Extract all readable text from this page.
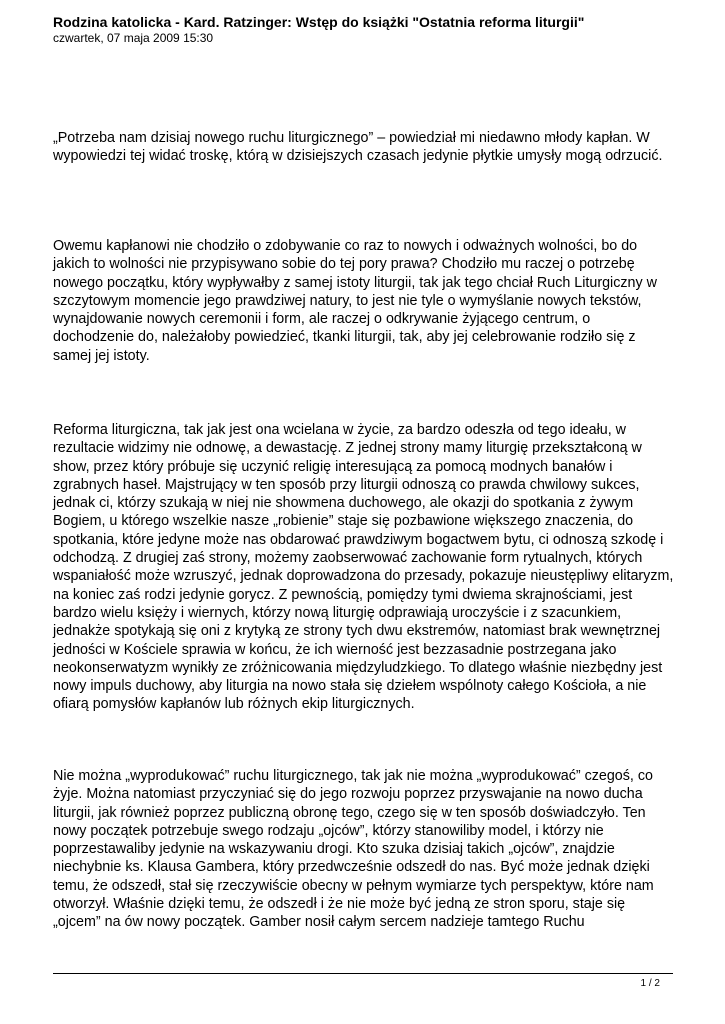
Rodzina katolicka - Kard. Ratzinger: Wstęp do książki "Ostatnia reforma liturgii"

czwartek, 07 maja 2009 15:30

„Potrzeba nam dzisiaj nowego ruchu liturgicznego” – powiedział mi niedawno młody kapłan. W wypowiedzi tej widać troskę, którą w dzisiejszych czasach jedynie płytkie umysły mogą odrzucić.

Owemu kapłanowi nie chodziło o zdobywanie co raz to nowych i odważnych wolności, bo do jakich to wolności nie przypisywano sobie do tej pory prawa? Chodziło mu raczej o potrzebę nowego początku, który wypływałby z samej istoty liturgii, tak jak tego chciał Ruch Liturgiczny w szczytowym momencie jego prawdziwej natury, to jest nie tyle o wymyślanie nowych tekstów, wynajdowanie nowych ceremonii i form, ale raczej o odkrywanie żyjącego centrum, o dochodzenie do, należałoby powiedzieć, tkanki liturgii, tak, aby jej celebrowanie rodziło się z samej jej istoty.

Reforma liturgiczna, tak jak jest ona wcielana w życie, za bardzo odeszła od tego ideału, w rezultacie widzimy nie odnowę, a dewastację. Z jednej strony mamy liturgię przekształconą w show, przez który próbuje się uczynić religię interesującą za pomocą modnych banałów i zgrabnych haseł. Majstrujący w ten sposób przy liturgii odnoszą co prawda chwilowy sukces, jednak ci, którzy szukają w niej nie showmena duchowego, ale okazji do spotkania z żywym Bogiem, u którego wszelkie nasze „robienie” staje się pozbawione większego znaczenia, do spotkania, które jedyne może nas obdarować prawdziwym bogactwem bytu, ci odnoszą szkodę i odchodzą. Z drugiej zaś strony, możemy zaobserwować zachowanie form rytualnych, których wspaniałość może wzruszyć, jednak doprowadzona do przesady, pokazuje nieustępliwy elitaryzm, na koniec zaś rodzi jedynie gorycz. Z pewnością, pomiędzy tymi dwiema skrajnościami, jest bardzo wielu księży i wiernych, którzy nową liturgię odprawiają uroczyście i z szacunkiem, jednakże spotykają się oni z krytyką ze strony tych dwu ekstremów, natomiast brak wewnętrznej jedności w Kościele sprawia w końcu, że ich wierność jest bezzasadnie postrzegana jako neokonserwatyzm wynikły ze zróżnicowania międzyludzkiego. To dlatego właśnie niezbędny jest nowy impuls duchowy, aby liturgia na nowo stała się dziełem wspólnoty całego Kościoła, a nie ofiarą pomysłów kapłanów lub różnych ekip liturgicznych.

Nie można „wyprodukować” ruchu liturgicznego, tak jak nie można „wyprodukować” czegoś, co żyje. Można natomiast przyczyniać się do jego rozwoju poprzez przyswajanie na nowo ducha liturgii, jak również poprzez publiczną obronę tego, czego się w ten sposób doświadczyło. Ten nowy początek potrzebuje swego rodzaju „ojców”, którzy stanowiliby model, i którzy nie poprzestawaliby jedynie na wskazywaniu drogi. Kto szuka dzisiaj takich „ojców”, znajdzie niechybnie ks. Klausa Gambera, który przedwcześnie odszedł do nas. Być może jednak dzięki temu, że odszedł, stał się rzeczywiście obecny w pełnym wymiarze tych perspektyw, które nam otworzył. Właśnie dzięki temu, że odszedł i że nie może być jedną ze stron sporu, staje się „ojcem” na ów nowy początek. Gamber nosił całym sercem nadzieje tamtego Ruchu

1 / 2
